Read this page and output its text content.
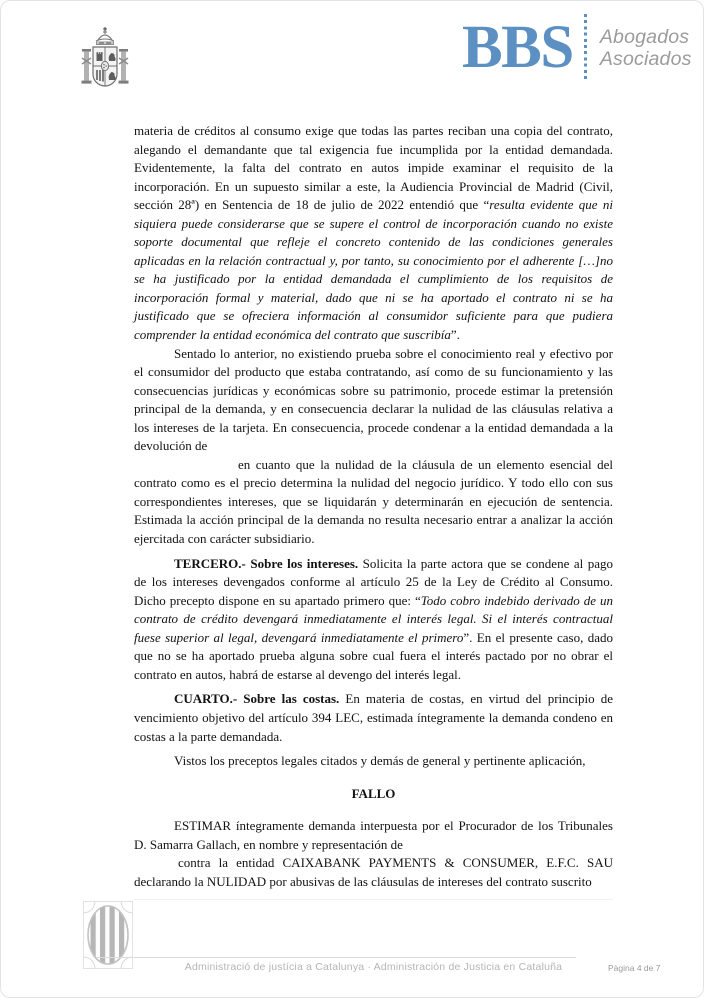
BBS Abogados
Asociados

materia de créditos al consumo exige que todas las partes reciban una copia del contrato, alegando el demandante que tal exigencia fue incumplida por la entidad demandada. Evidentemente, la falta del contrato en autos impide examinar el requisito de la incorporación. En un supuesto similar a este, la Audiencia Provincial de Madrid (Civil, sección 28ª) en Sentencia de 18 de julio de 2022 entendió que “resulta evidente que ni siquiera puede considerarse que se supere el control de incorporación cuando no existe soporte documental que refleje el concreto contenido de las condiciones generales aplicadas en la relación contractual y, por tanto, su conocimiento por el adherente […]no se ha justificado por la entidad demandada el cumplimiento de los requisitos de incorporación formal y material, dado que ni se ha aportado el contrato ni se ha justificado que se ofreciera información al consumidor suficiente para que pudiera comprender la entidad económica del contrato que suscribía”.

Sentado lo anterior, no existiendo prueba sobre el conocimiento real y efectivo por el consumidor del producto que estaba contratando, así como de su funcionamiento y las consecuencias jurídicas y económicas sobre su patrimonio, procede estimar la pretensión principal de la demanda, y en consecuencia declarar la nulidad de las cláusulas relativa a los intereses de la tarjeta. En consecuencia, procede condenar a la entidad demandada a la devolución de
en cuanto que la nulidad de la cláusula de un elemento esencial del contrato como es el precio determina la nulidad del negocio jurídico. Y todo ello con sus correspondientes intereses, que se liquidarán y determinarán en ejecución de sentencia. Estimada la acción principal de la demanda no resulta necesario entrar a analizar la acción ejercitada con carácter subsidiario.

TERCERO.- Sobre los intereses. Solicita la parte actora que se condene al pago de los intereses devengados conforme al artículo 25 de la Ley de Crédito al Consumo. Dicho precepto dispone en su apartado primero que: “Todo cobro indebido derivado de un contrato de crédito devengará inmediatamente el interés legal. Si el interés contractual fuese superior al legal, devengará inmediatamente el primero”. En el presente caso, dado que no se ha aportado prueba alguna sobre cual fuera el interés pactado por no obrar el contrato en autos, habrá de estarse al devengo del interés legal.

CUARTO.- Sobre las costas. En materia de costas, en virtud del principio de vencimiento objetivo del artículo 394 LEC, estimada íntegramente la demanda condeno en costas a la parte demandada.

Vistos los preceptos legales citados y demás de general y pertinente aplicación,

FALLO

ESTIMAR íntegramente demanda interpuesta por el Procurador de los Tribunales D. Samarra Gallach, en nombre y representación de
contra la entidad CAIXABANK PAYMENTS & CONSUMER, E.F.C. SAU declarando la NULIDAD por abusivas de las cláusulas de intereses del contrato suscrito

Administració de justícia a Catalunya · Administración de Justicia en Cataluña	Pàgina 4 de 7
